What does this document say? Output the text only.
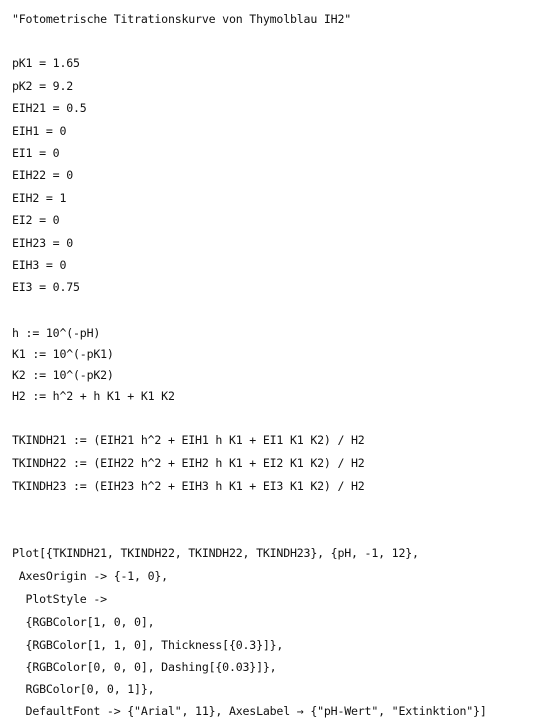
"Fotometrische Titrationskurve von Thymolblau IH2"
pK1 = 1.65
pK2 = 9.2
EIH21 = 0.5
EIH1 = 0
EI1 = 0
EIH22 = 0
EIH2 = 1
EI2 = 0
EIH23 = 0
EIH3 = 0
EI3 = 0.75
h := 10^(-pH)
K1 := 10^(-pK1)
K2 := 10^(-pK2)
H2 := h^2 + h K1 + K1 K2
TKINDH21 := (EIH21 h^2 + EIH1 h K1 + EI1 K1 K2) / H2
TKINDH22 := (EIH22 h^2 + EIH2 h K1 + EI2 K1 K2) / H2
TKINDH23 := (EIH23 h^2 + EIH3 h K1 + EI3 K1 K2) / H2
Plot[{TKINDH21, TKINDH22, TKINDH22, TKINDH23}, {pH, -1, 12},
AxesOrigin -> {-1, 0},
PlotStyle ->
{RGBColor[1, 0, 0],
{RGBColor[1, 1, 0], Thickness[{0.3}]},
{RGBColor[0, 0, 0], Dashing[{0.03}]},
RGBColor[0, 0, 1]},
DefaultFont -> {"Arial", 11}, AxesLabel → {"pH-Wert", "Extinktion"}]
